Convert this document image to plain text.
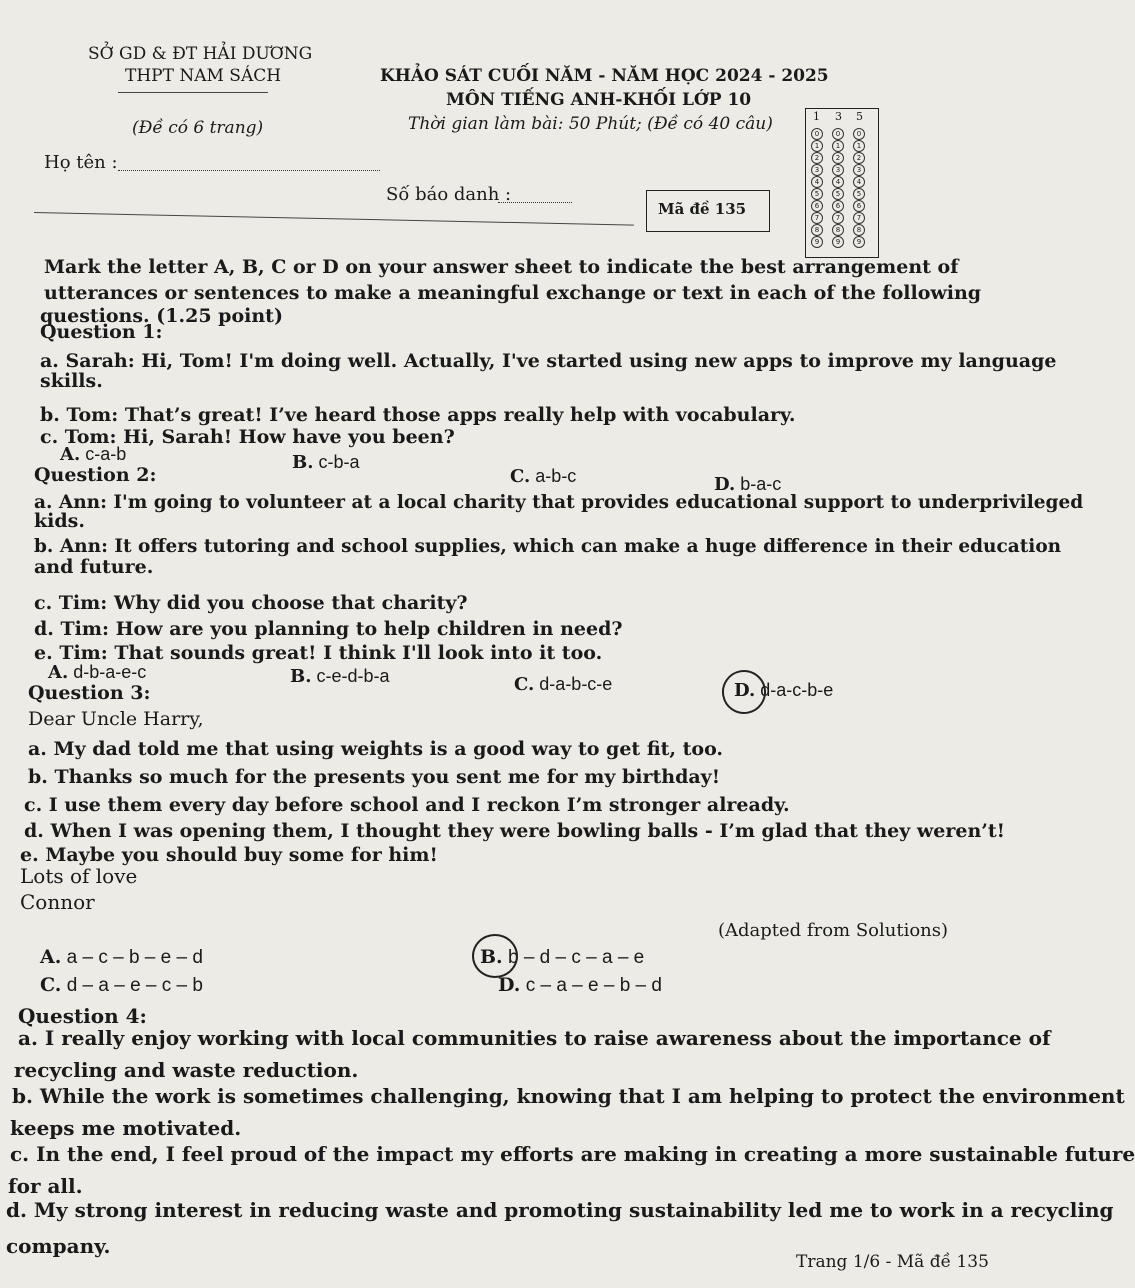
SỞ GD & ĐT HẢI DƯƠNG
THPT NAM SÁCH
(Đề có 6 trang)
KHẢO SÁT CUỐI NĂM - NĂM HỌC 2024 - 2025
MÔN TIẾNG ANH-KHỐI LỚP 10
Thời gian làm bài: 50 Phút; (Đề có 40 câu)
Họ tên :
Số báo danh :
Mã đề 135
1 3 5
0	0	0
1	1	1
2	2	2
3	3	3
4	4	4
5	5	5
6	6	6
7	7	7
8	8	8
9	9	9
Mark the letter A, B, C or D on your answer sheet to indicate the best arrangement of
utterances or sentences to make a meaningful exchange or text in each of the following
questions. (1.25 point)
Question 1:
a. Sarah: Hi, Tom! I'm doing well. Actually, I've started using new apps to improve my language
skills.
b. Tom: That’s great! I’ve heard those apps really help with vocabulary.
c. Tom: Hi, Sarah! How have you been?
A. c-a-b	B. c-b-a
C. a-b-c	D. b-a-c
Question 2:
a. Ann: I'm going to volunteer at a local charity that provides educational support to underprivileged
kids.
b. Ann: It offers tutoring and school supplies, which can make a huge difference in their education
and future.
c. Tim: Why did you choose that charity?
d. Tim: How are you planning to help children in need?
e. Tim: That sounds great! I think I'll look into it too.
A. d-b-a-e-c	B. c-e-d-b-a	C. d-a-b-c-e	D. d-a-c-b-e
Question 3:
Dear Uncle Harry,
a. My dad told me that using weights is a good way to get fit, too.
b. Thanks so much for the presents you sent me for my birthday!
c. I use them every day before school and I reckon I’m stronger already.
d. When I was opening them, I thought they were bowling balls - I’m glad that they weren’t!
e. Maybe you should buy some for him!
Lots of love
Connor
(Adapted from Solutions)
A. a – c – b – e – d	B. b – d – c – a – e
C. d – a – e – c – b	D. c – a – e – b – d
Question 4:
a. I really enjoy working with local communities to raise awareness about the importance of
recycling and waste reduction.
b. While the work is sometimes challenging, knowing that I am helping to protect the environment
keeps me motivated.
c. In the end, I feel proud of the impact my efforts are making in creating a more sustainable future
for all.
d. My strong interest in reducing waste and promoting sustainability led me to work in a recycling
company.
Trang 1/6 - Mã đề 135
